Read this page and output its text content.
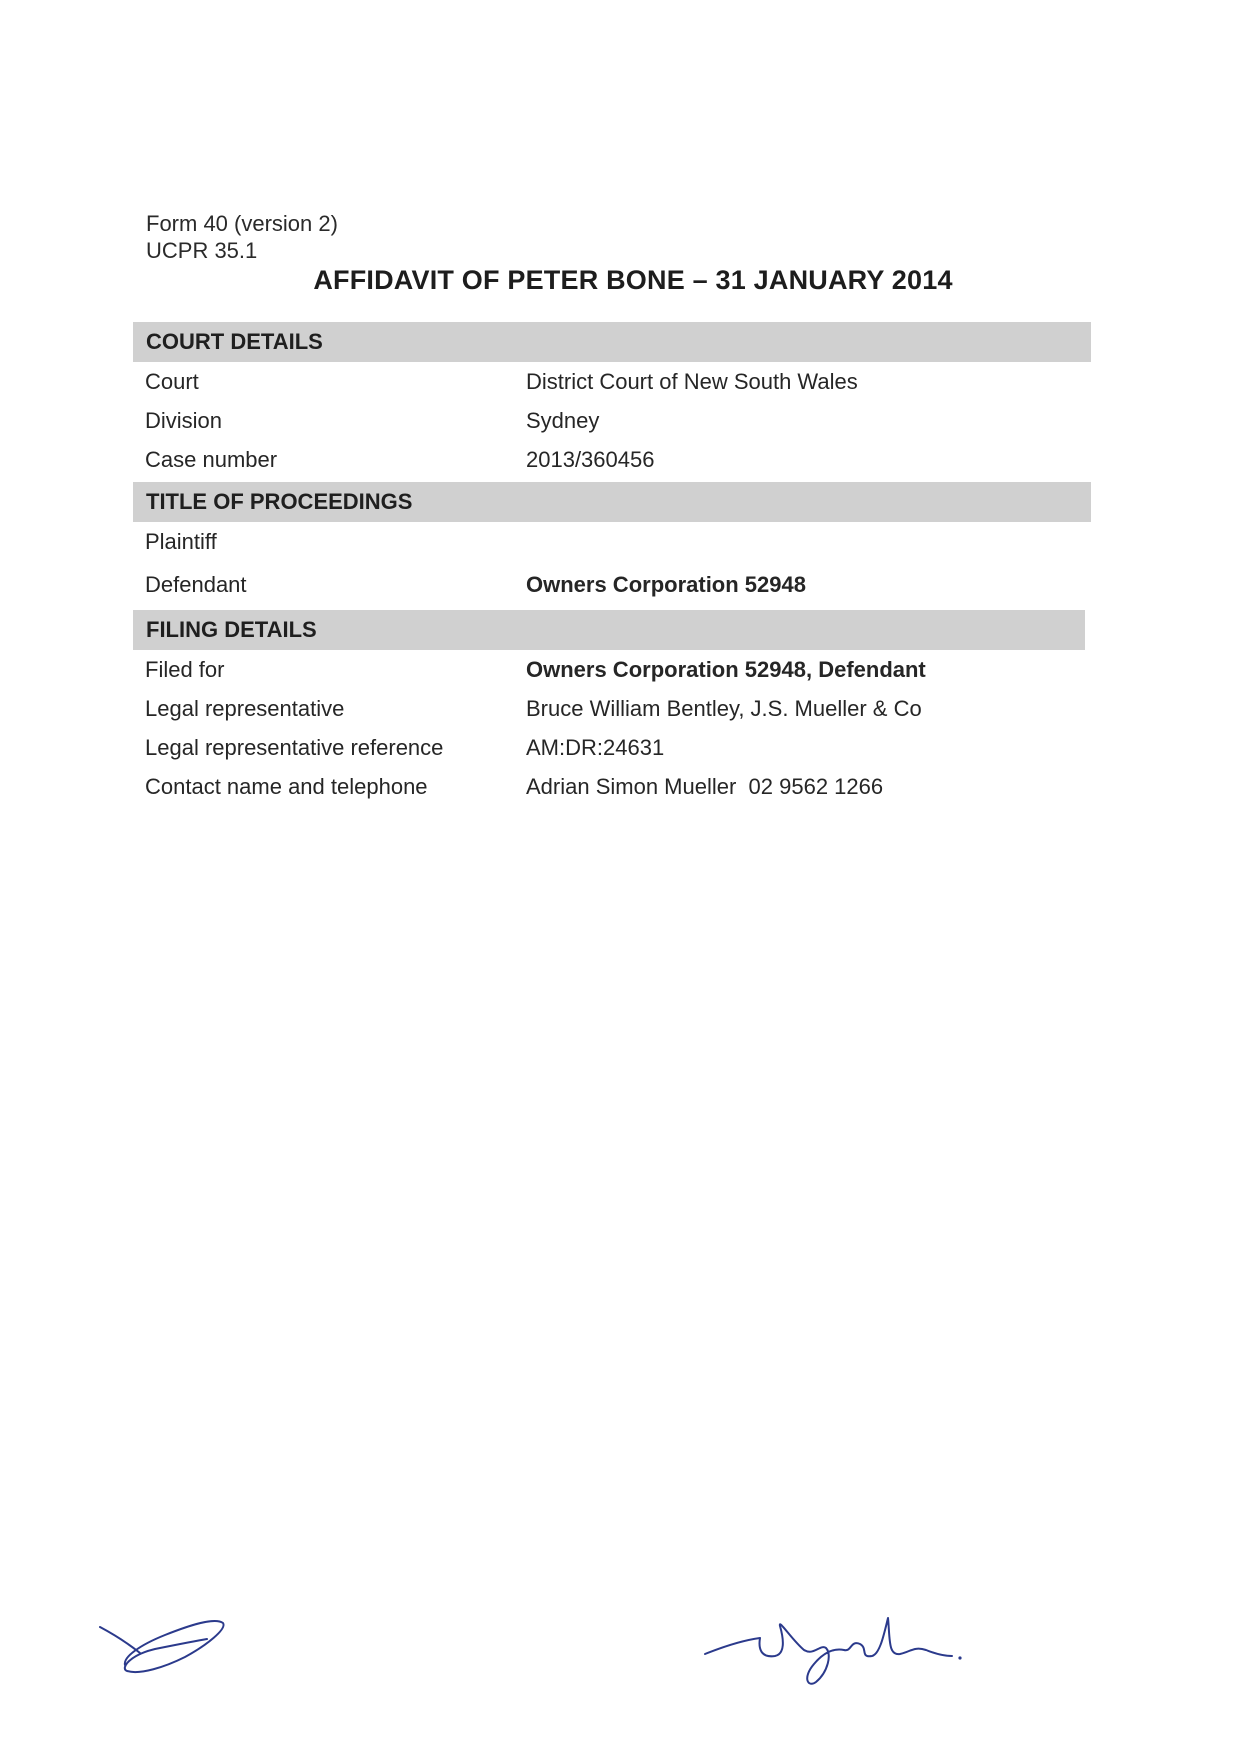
Form 40 (version 2)
UCPR 35.1
AFFIDAVIT OF PETER BONE – 31 JANUARY 2014
COURT DETAILS
Court	District Court of New South Wales
Division	Sydney
Case number	2013/360456
TITLE OF PROCEEDINGS
Plaintiff
Defendant	Owners Corporation 52948
FILING DETAILS
Filed for	Owners Corporation 52948, Defendant
Legal representative	Bruce William Bentley, J.S. Mueller & Co
Legal representative reference	AM:DR:24631
Contact name and telephone	Adrian Simon Mueller  02 9562 1266
